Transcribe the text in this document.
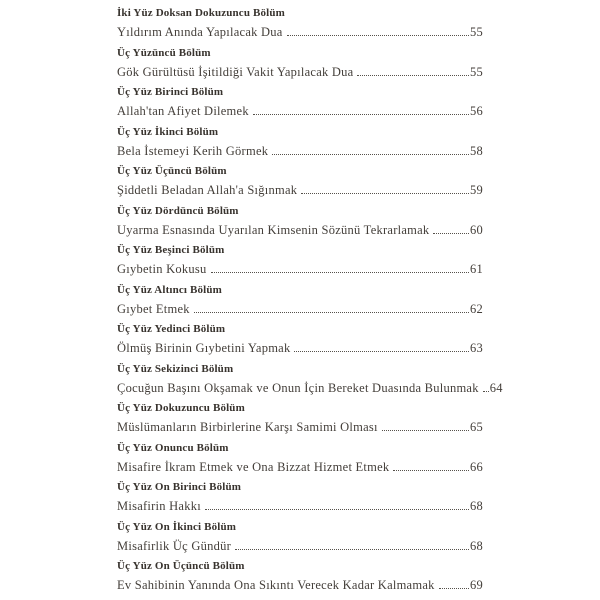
İki Yüz Doksan Dokuzuncu Bölüm
Yıldırım Anında Yapılacak Dua	55
Üç Yüzüncü Bölüm
Gök Gürültüsü İşitildiği Vakit Yapılacak Dua	55
Üç Yüz Birinci Bölüm
Allah'tan Afiyet Dilemek	56
Üç Yüz İkinci Bölüm
Bela İstemeyi Kerih Görmek	58
Üç Yüz Üçüncü Bölüm
Şiddetli Beladan Allah'a Sığınmak	59
Üç Yüz Dördüncü Bölüm
Uyarma Esnasında Uyarılan Kimsenin Sözünü Tekrarlamak	60
Üç Yüz Beşinci Bölüm
Gıybetin Kokusu	61
Üç Yüz Altıncı Bölüm
Gıybet Etmek	62
Üç Yüz Yedinci Bölüm
Ölmüş Birinin Gıybetini Yapmak	63
Üç Yüz Sekizinci Bölüm
Çocuğun Başını Okşamak ve Onun İçin Bereket Duasında Bulunmak 64
Üç Yüz Dokuzuncu Bölüm
Müslümanların Birbirlerine Karşı Samimi Olması	65
Üç Yüz Onuncu Bölüm
Misafire İkram Etmek ve Ona Bizzat Hizmet Etmek	66
Üç Yüz On Birinci Bölüm
Misafirin Hakkı	68
Üç Yüz On İkinci Bölüm
Misafirlik Üç Gündür	68
Üç Yüz On Üçüncü Bölüm
Ev Sahibinin Yanında Ona Sıkıntı Verecek Kadar Kalmamak	69
